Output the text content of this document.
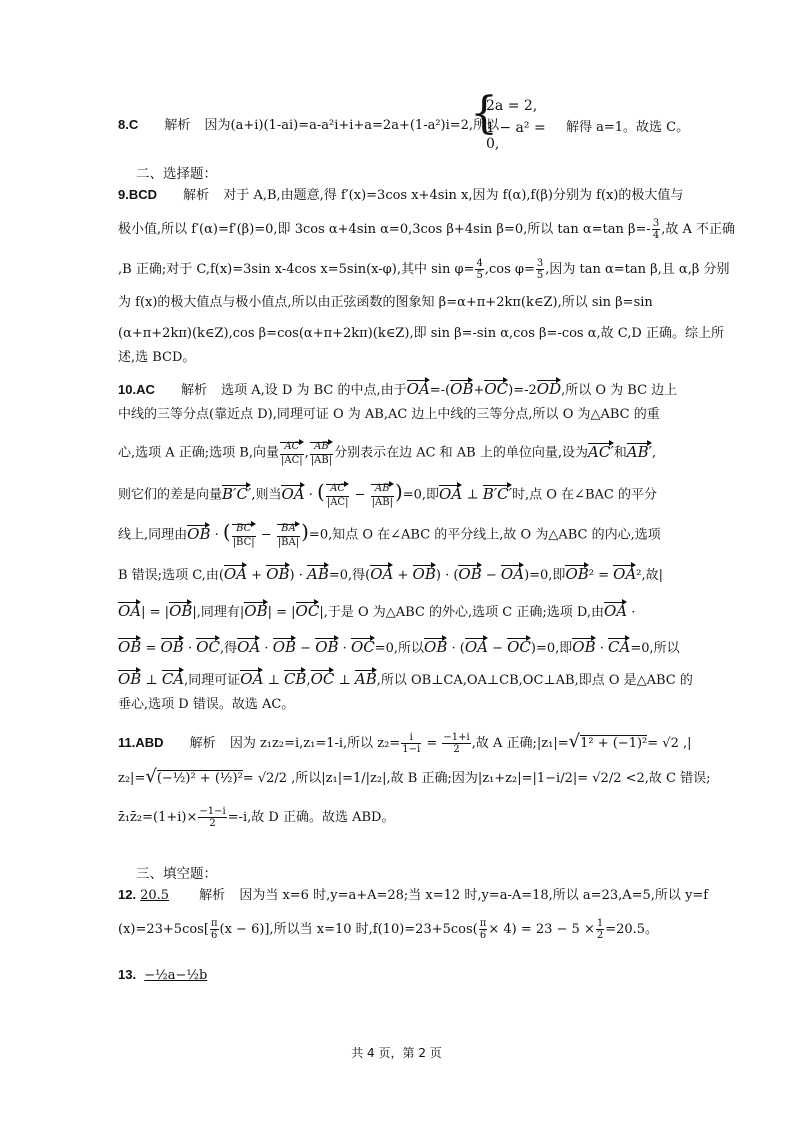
8.C 解析 因为(a+i)(1-ai)=a-a²i+i+a=2a+(1-a²)i=2,所以
{
2a = 2,
1 − a² = 0,
解得 a=1。故选 C。
二、选择题：
9.BCD 解析 对于 A,B,由题意,得 f′(x)=3cos x+4sin x,因为 f(α),f(β)分别为 f(x)的极大值与
极小值,所以 f′(α)=f′(β)=0,即 3cos α+4sin α=0,3cos β+4sin β=0,所以 tan α=tan $\beta=- \frac{3}{4}$ ,故 A 不正确
,B 正确;对于 C,f(x)=3sin x-4cos x=5sin(x-φ),其中 $\sin \varphi= \frac{4}{5} ,\cos$ $\varphi= \frac{3}{5}$ ,因为 tan α=tan β,且 α,β 分别
为 f(x)的极大值点与极小值点,所以由正弦函数的图象知 β=α+π+2kπ(k∈Z),所以 sin β=sin
(α+π+2kπ)(k∈Z),cos β=cos(α+π+2kπ)(k∈Z),即 sin β=-sin α,cos β=-cos α,故 C,D 正确。综上所
述,选 BCD。
10.AC 解析 选项 A,设 D 为 BC 的中点,由于OA=-(OB+OC)=-2OD,所以 O 为 BC 边上
中线的三等分点(靠近点 D),同理可证 O 为 AB,AC 边上中线的三等分点,所以 O 为△ABC 的重
心,选项 A 正确;选项 B,向量 $\frac{AC}{|AC|}$ , $\frac{AB}{|AB|}$ 分别表示在边 AC 和 AB 上的单位向量,设为AC′和AB′,
则它们的差是向量B′C′,则当OA · ( $\frac{AC}{|AC|} - \frac{AB}{|AB|} )=0$,即OA ⊥ B′C′时,点 O 在∠BAC 的平分
线上,同理由OB · ( $\frac{BC}{|BC|} - \frac{BA}{|BA|} )=0$,知点 O 在∠ABC 的平分线上,故 O 为△ABC 的内心,选项
B 错误;选项 C,由(OA + OB) · AB=0,得(OA + OB) · (OB − OA)=0,即OB² = OA²,故|
OA| = |OB|,同理有|OB| = |OC|,于是 O 为△ABC 的外心,选项 C 正确;选项 D,由OA ·
OB = OB · OC,得OA · OB − OB · OC=0,所以OB · (OA − OC)=0,即OB · CA=0,所以
OB ⊥ CA,同理可证OA ⊥ CB,OC ⊥ AB,所以 OB⊥CA,OA⊥CB,OC⊥AB,即点 O 是△ABC 的
垂心,选项 D 错误。故选 AC。
11.ABD 解析 因为 z₁z₂=i,z₁=1-i,所以 $z_2= \frac{i}{1-i} = \frac{-1+i}{2}$ ,故 A 正确;|z₁|=√1² + (−1)²= √2 ,|
z₂|=√(−½)² + (½)²= √2/2 ,所以|z₁|=1/|z₂|,故 B 正确;因为|z₁+z₂|=|1−i/2|= √2/2 <2,故 C 错误;
z̄₁z̄₂=(1+i)× $\frac{-1-i}{2} =-i$,故 D 正确。故选 ABD。
三、填空题：
12. 20.5 解析 因为当 x=6 时,y=a+A=28;当 x=12 时,y=a-A=18,所以 a=23,A=5,所以 y=f
$(x)=23+5\cos[ \frac{\pi}{6} (x - 6)]$,所以当 x=10 时$,f(10)=23+5\cos( \frac{\pi}{6} \times 4) = 23 - 5 \times \frac{1}{2} =20.5$。
13. −½a−½b
共 4 页，第 2 页
